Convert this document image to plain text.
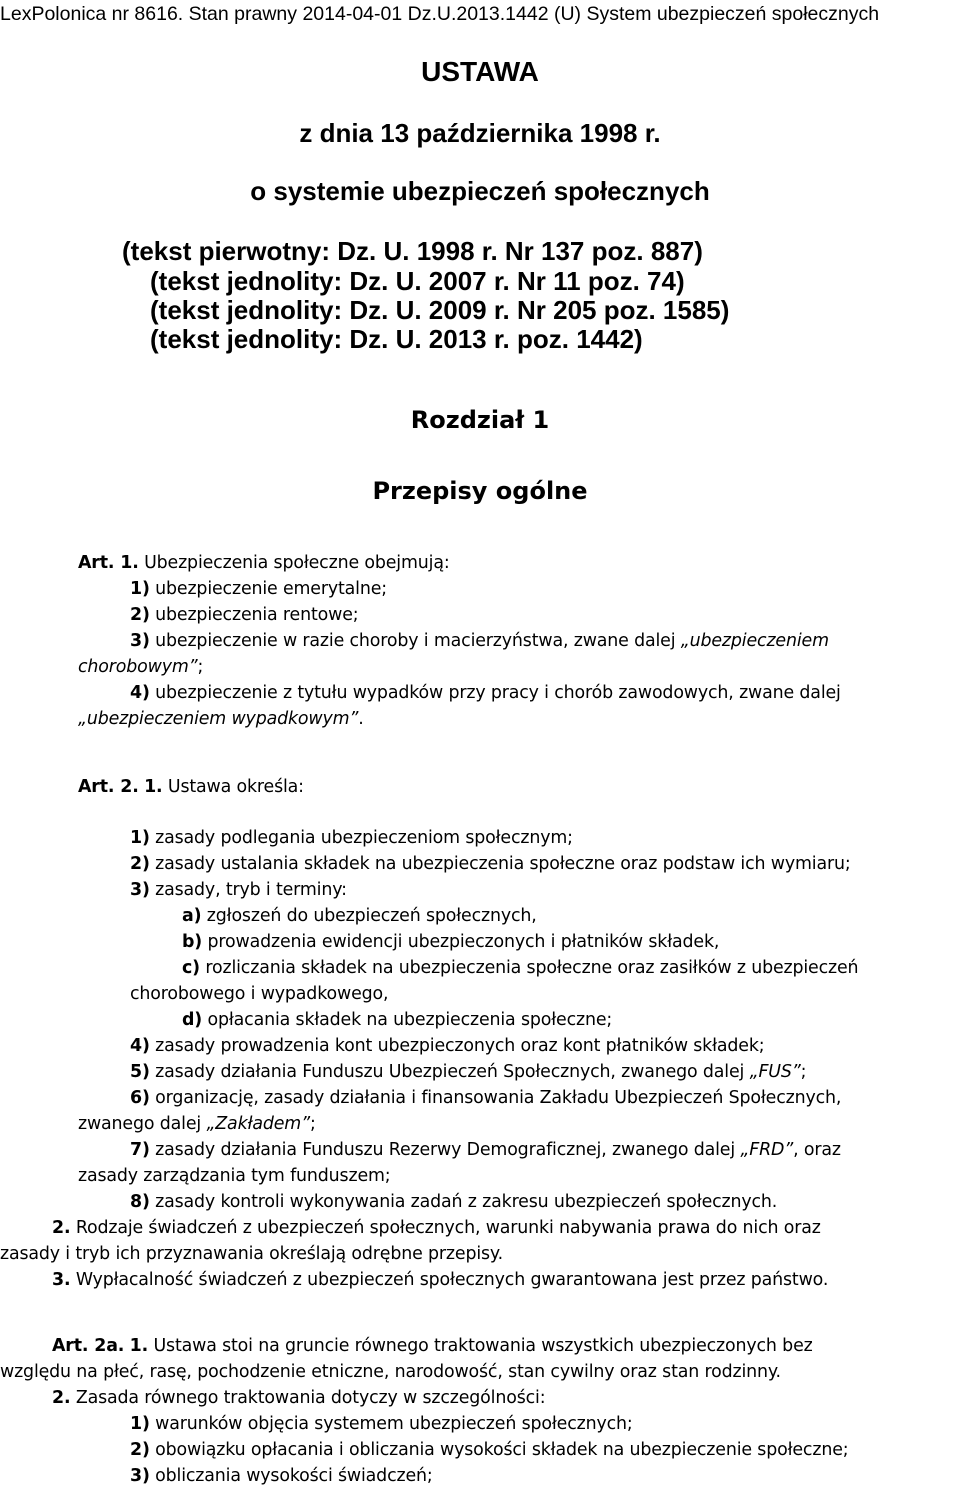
LexPolonica nr 8616. Stan prawny 2014-04-01 Dz.U.2013.1442 (U) System ubezpieczeń społecznych
USTAWA
z dnia 13 października 1998 r.
o systemie ubezpieczeń społecznych
(tekst pierwotny: Dz. U. 1998 r. Nr 137 poz. 887)
(tekst jednolity: Dz. U. 2007 r. Nr 11 poz. 74)
(tekst jednolity: Dz. U. 2009 r. Nr 205 poz. 1585)
(tekst jednolity: Dz. U. 2013 r. poz. 1442)
Rozdział 1
Przepisy ogólne
Art. 1. Ubezpieczenia społeczne obejmują:
1) ubezpieczenie emerytalne;
2) ubezpieczenia rentowe;
3) ubezpieczenie w razie choroby i macierzyństwa, zwane dalej „ubezpieczeniem
chorobowym”;
4) ubezpieczenie z tytułu wypadków przy pracy i chorób zawodowych, zwane dalej
„ubezpieczeniem wypadkowym”.
Art. 2. 1. Ustawa określa:
1) zasady podlegania ubezpieczeniom społecznym;
2) zasady ustalania składek na ubezpieczenia społeczne oraz podstaw ich wymiaru;
3) zasady, tryb i terminy:
a) zgłoszeń do ubezpieczeń społecznych,
b) prowadzenia ewidencji ubezpieczonych i płatników składek,
c) rozliczania składek na ubezpieczenia społeczne oraz zasiłków z ubezpieczeń
chorobowego i wypadkowego,
d) opłacania składek na ubezpieczenia społeczne;
4) zasady prowadzenia kont ubezpieczonych oraz kont płatników składek;
5) zasady działania Funduszu Ubezpieczeń Społecznych, zwanego dalej „FUS”;
6) organizację, zasady działania i finansowania Zakładu Ubezpieczeń Społecznych,
zwanego dalej „Zakładem”;
7) zasady działania Funduszu Rezerwy Demograficznej, zwanego dalej „FRD”, oraz
zasady zarządzania tym funduszem;
8) zasady kontroli wykonywania zadań z zakresu ubezpieczeń społecznych.
2. Rodzaje świadczeń z ubezpieczeń społecznych, warunki nabywania prawa do nich oraz
zasady i tryb ich przyznawania określają odrębne przepisy.
3. Wypłacalność świadczeń z ubezpieczeń społecznych gwarantowana jest przez państwo.
Art. 2a. 1. Ustawa stoi na gruncie równego traktowania wszystkich ubezpieczonych bez
względu na płeć, rasę, pochodzenie etniczne, narodowość, stan cywilny oraz stan rodzinny.
2. Zasada równego traktowania dotyczy w szczególności:
1) warunków objęcia systemem ubezpieczeń społecznych;
2) obowiązku opłacania i obliczania wysokości składek na ubezpieczenie społeczne;
3) obliczania wysokości świadczeń;
